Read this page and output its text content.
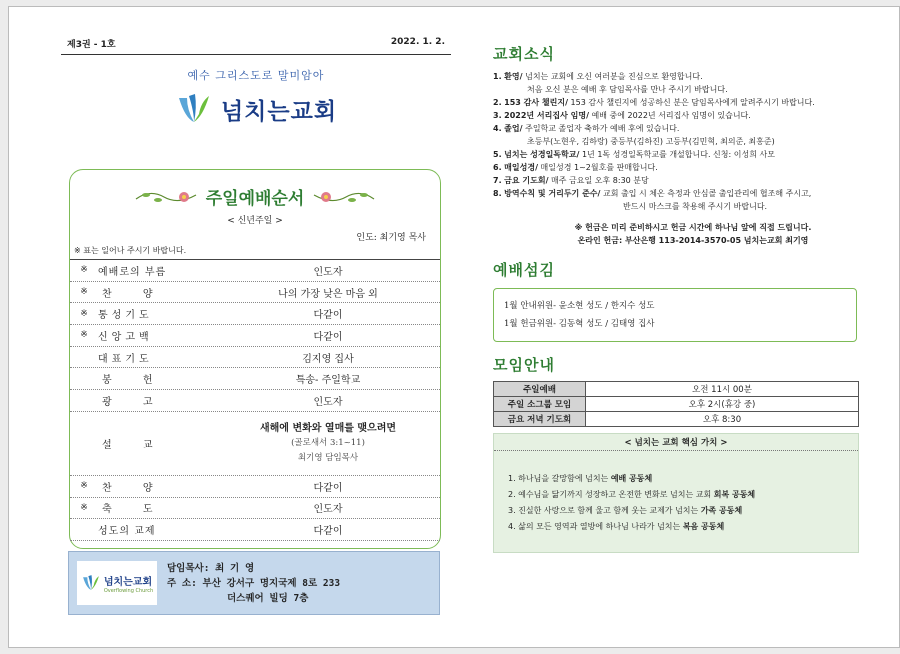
제3권 - 1호	2022. 1. 2.
예수 그리스도로 말미암아
넘치는교회
주일예배순서
< 신년주일 >
인도: 최기영 목사
※ 표는 일어나 주시기 바랍니다.
※	예배로의 부름	인도자
※	찬 양	나의 가장 낮은 마음 외
※	통성기도	다같이
※	신앙고백	다같이
대표기도	김지영 집사
봉 헌	특송- 주일학교
광 고	인도자
설 교
새해에 변화와 열매를 맺으려면
(골로새서 3:1~11)
최기영 담임목사
※	찬 양	다같이
※	축 도	인도자
성도의 교제	다같이
넘치는교회
Overflowing Church
담임목사: 최 기 영
주 소: 부산 강서구 명지국제 8로 233
더스퀘어 빌딩 7층
교회소식
1. 환영/ 넘치는 교회에 오신 여러분을 진심으로 환영합니다.
처음 오신 분은 예배 후 담임목사를 만나 주시기 바랍니다.
2. 153 감사 챌린지/ 153 감사 챌린지에 성공하신 분은 담임목사에게 알려주시기 바랍니다.
3. 2022년 서리집사 임명/ 예배 중에 2022년 서리집사 임명이 있습니다.
4. 졸업/ 주일학교 졸업자 축하가 예배 후에 있습니다.
초등부(노현우, 김하랑) 중등부(김하진) 고등부(김민혁, 최의준, 최홍준)
5. 넘치는 성경일독학교/ 1년 1독 성경일독학교를 개설합니다. 신청: 이성희 사모
6. 매일성경/ 매일성경 1~2월호를 판매합니다.
7. 금요 기도회/ 매주 금요일 오후 8:30 분당
8. 방역수칙 및 거리두기 준수/ 교회 출입 시 체온 측정과 안심콜 출입관리에 협조해 주시고,
반드시 마스크를 착용해 주시기 바랍니다.
※ 헌금은 미리 준비하시고 헌금 시간에 하나님 앞에 직접 드립니다.
온라인 헌금: 부산은행 113-2014-3570-05 넘치는교회 최기영
예배섬김
1월 안내위원- 윤소현 성도 / 한지수 성도
1월 헌금위원- 김동혁 성도 / 김태영 집사
모임안내
주일예배	오전 11시 00분
주일 소그룹 모임	오후 2시(휴강 중)
금요 저녁 기도회	오후 8:30
< 넘치는 교회 핵심 가치 >
1. 하나님을 갈망함에 넘치는 예배 공동체
2. 예수님을 닮기까지 성장하고 온전한 변화로 넘치는 교회 회복 공동체
3. 진실한 사랑으로 함께 울고 함께 웃는 교제가 넘치는 가족 공동체
4. 삶의 모든 영역과 열방에 하나님 나라가 넘치는 복음 공동체
